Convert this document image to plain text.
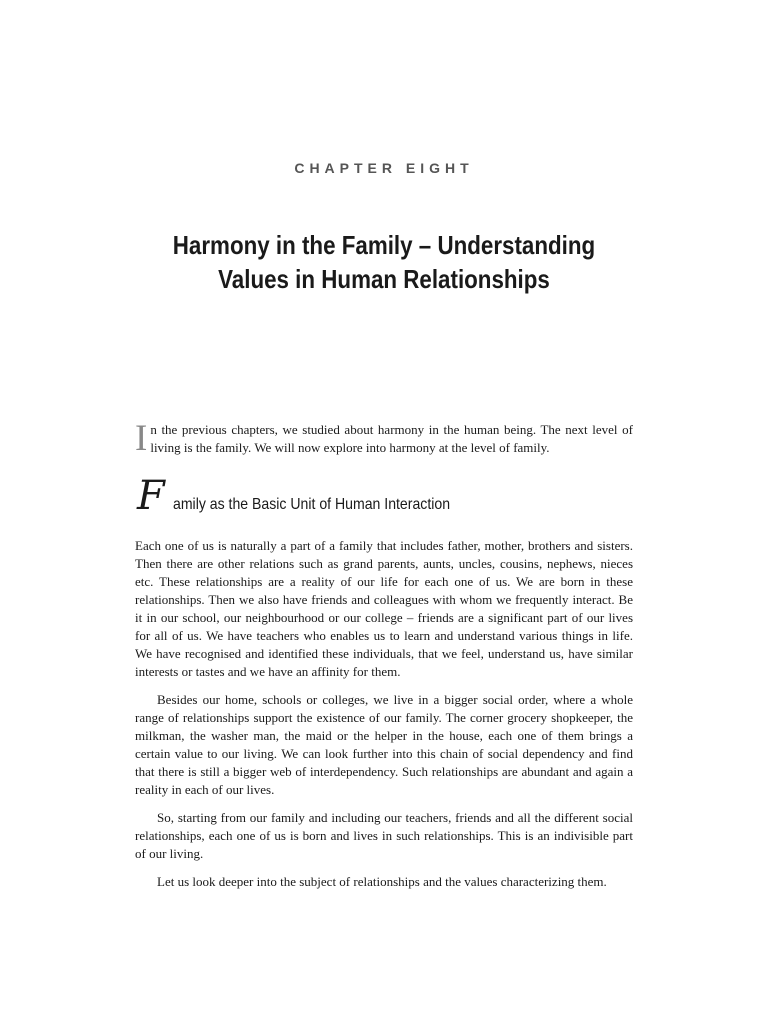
CHAPTER EIGHT
Harmony in the Family – Understanding
Values in Human Relationships
In the previous chapters, we studied about harmony in the human being. The next level of living is the family. We will now explore into harmony at the level of family.
F amily as the Basic Unit of Human Interaction

Each one of us is naturally a part of a family that includes father, mother, brothers and sisters. Then there are other relations such as grand parents, aunts, uncles, cousins, nephews, nieces etc. These relationships are a reality of our life for each one of us. We are born in these relationships. Then we also have friends and colleagues with whom we frequently interact. Be it in our school, our neighbourhood or our college – friends are a significant part of our lives for all of us. We have teachers who enables us to learn and understand various things in life. We have recognised and identified these individuals, that we feel, understand us, have similar interests or tastes and we have an affinity for them.

Besides our home, schools or colleges, we live in a bigger social order, where a whole range of relationships support the existence of our family. The corner grocery shopkeeper, the milkman, the washer man, the maid or the helper in the house, each one of them brings a certain value to our living. We can look further into this chain of social dependency and find that there is still a bigger web of interdependency. Such relationships are abundant and again a reality in each of our lives.

So, starting from our family and including our teachers, friends and all the different social relationships, each one of us is born and lives in such relationships. This is an indivisible part of our living.

Let us look deeper into the subject of relationships and the values characterizing them.
